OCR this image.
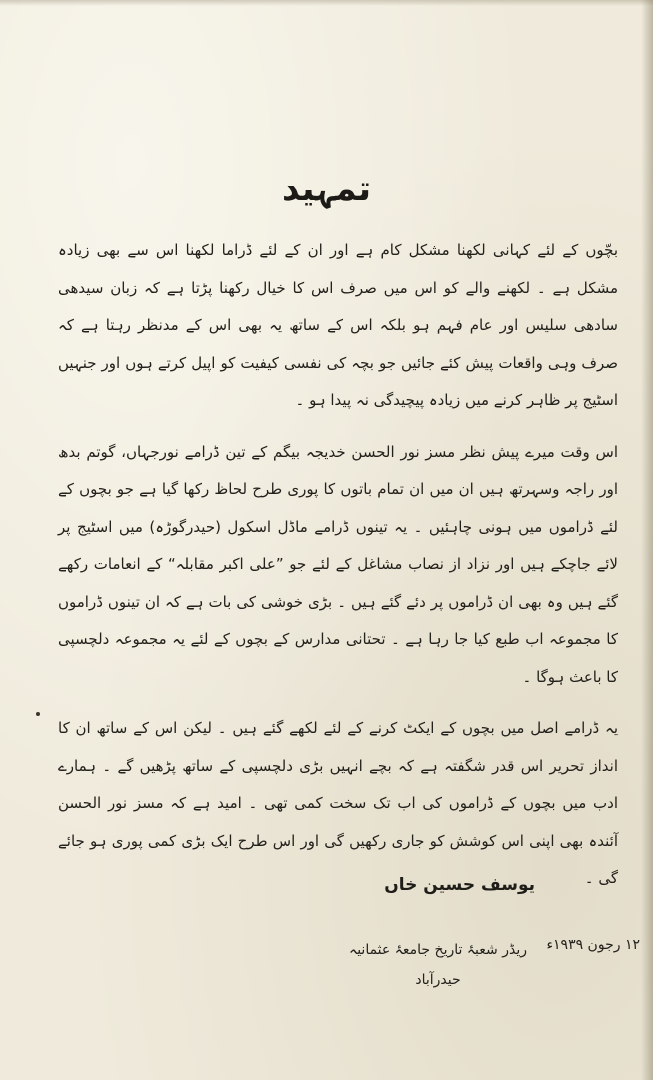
تمہید

بچّوں کے لئے کہانی لکھنا مشکل کام ہے اور ان کے لئے ڈراما لکھنا اس سے بھی زیادہ مشکل ہے ۔ لکھنے والے کو اس میں صرف اس کا خیال رکھنا پڑتا ہے کہ زبان سیدھی سادھی سلیس اور عام فہم ہو بلکہ اس کے ساتھ یہ بھی اس کے مدنظر رہتا ہے کہ صرف وہی واقعات پیش کئے جائیں جو بچہ کی نفسی کیفیت کو اپیل کرتے ہوں اور جنہیں اسٹیج پر ظاہر کرنے میں زیادہ پیچیدگی نہ پیدا ہو ۔

اس وقت میرے پیش نظر مسز نور الحسن خدیجہ بیگم کے تین ڈرامے نورجہاں، گوتم بدھ اور راجہ وسہرتھ ہیں ان میں ان تمام باتوں کا پوری طرح لحاظ رکھا گیا ہے جو بچوں کے لئے ڈراموں میں ہونی چاہئیں ۔ یہ تینوں ڈرامے ماڈل اسکول (حیدرگوڑہ) میں اسٹیج پر لائے جاچکے ہیں اور نزاد از نصاب مشاغل کے لئے جو ”علی اکبر مقابلہ“ کے انعامات رکھے گئے ہیں وہ بھی ان ڈراموں پر دئے گئے ہیں ۔ بڑی خوشی کی بات ہے کہ ان تینوں ڈراموں کا مجموعہ اب طبع کیا جا رہا ہے ۔ تحتانی مدارس کے بچوں کے لئے یہ مجموعہ دلچسپی کا باعث ہوگا ۔

یہ ڈرامے اصل میں بچوں کے ایکٹ کرنے کے لئے لکھے گئے ہیں ۔ لیکن اس کے ساتھ ان کا انداز تحریر اس قدر شگفتہ ہے کہ بچے انہیں بڑی دلچسپی کے ساتھ پڑھیں گے ۔ ہمارے ادب میں بچوں کے ڈراموں کی اب تک سخت کمی تھی ۔ امید ہے کہ مسز نور الحسن آئندہ بھی اپنی اس کوشش کو جاری رکھیں گی اور اس طرح ایک بڑی کمی پوری ہو جائے گی ۔

یوسف حسین خاں
ریڈر شعبۂ تاریخ جامعۂ عثمانیہ
حیدرآباد
۱۲ رجون ۱۹۳۹ء
